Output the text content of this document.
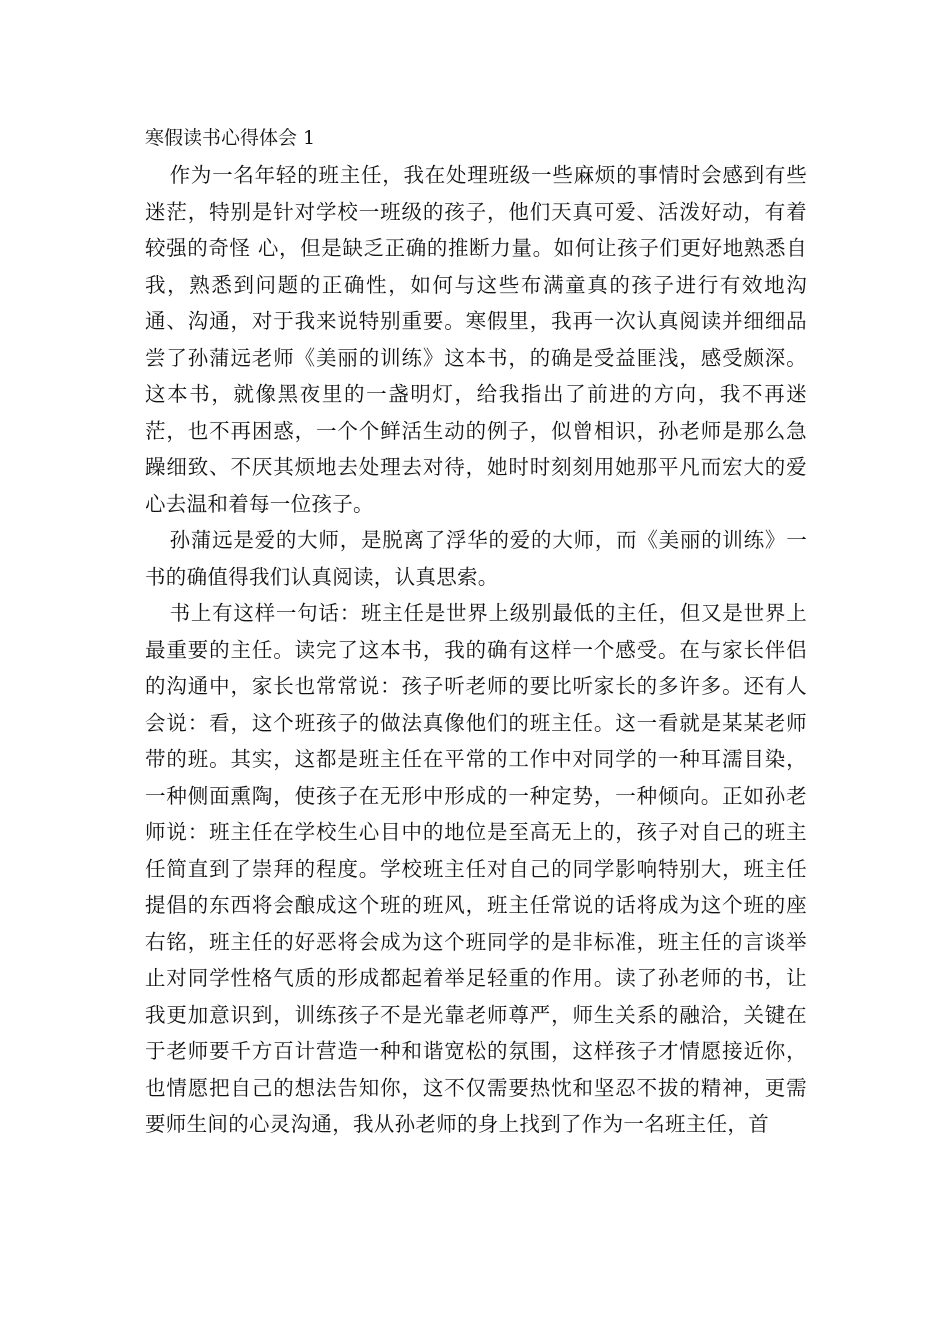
寒假读书心得体会 1

作为一名年轻的班主任，我在处理班级一些麻烦的事情时会感到有些迷茫，特别是针对学校一班级的孩子，他们天真可爱、活泼好动，有着较强的奇怪 心，但是缺乏正确的推断力量。如何让孩子们更好地熟悉自我，熟悉到问题的正确性，如何与这些布满童真的孩子进行有效地沟通、沟通，对于我来说特别重要。寒假里，我再一次认真阅读并细细品尝了孙蒲远老师《美丽的训练》这本书，的确是受益匪浅，感受颇深。这本书，就像黑夜里的一盏明灯，给我指出了前进的方向，我不再迷茫，也不再困惑，一个个鲜活生动的例子，似曾相识，孙老师是那么急躁细致、不厌其烦地去处理去对待，她时时刻刻用她那平凡而宏大的爱心去温和着每一位孩子。

孙蒲远是爱的大师，是脱离了浮华的爱的大师，而《美丽的训练》一书的确值得我们认真阅读，认真思索。

书上有这样一句话：班主任是世界上级别最低的主任，但又是世界上最重要的主任。读完了这本书，我的确有这样一个感受。在与家长伴侣的沟通中，家长也常常说：孩子听老师的要比听家长的多许多。还有人会说：看，这个班孩子的做法真像他们的班主任。这一看就是某某老师带的班。其实，这都是班主任在平常的工作中对同学的一种耳濡目染，一种侧面熏陶，使孩子在无形中形成的一种定势，一种倾向。正如孙老师说：班主任在学校生心目中的地位是至高无上的，孩子对自己的班主任简直到了崇拜的程度。学校班主任对自己的同学影响特别大，班主任提倡的东西将会酿成这个班的班风，班主任常说的话将成为这个班的座右铭，班主任的好恶将会成为这个班同学的是非标准，班主任的言谈举止对同学性格气质的形成都起着举足轻重的作用。读了孙老师的书，让我更加意识到，训练孩子不是光靠老师尊严，师生关系的融洽，关键在于老师要千方百计营造一种和谐宽松的氛围，这样孩子才情愿接近你，也情愿把自己的想法告知你，这不仅需要热忱和坚忍不拔的精神，更需要师生间的心灵沟通，我从孙老师的身上找到了作为一名班主任，首
